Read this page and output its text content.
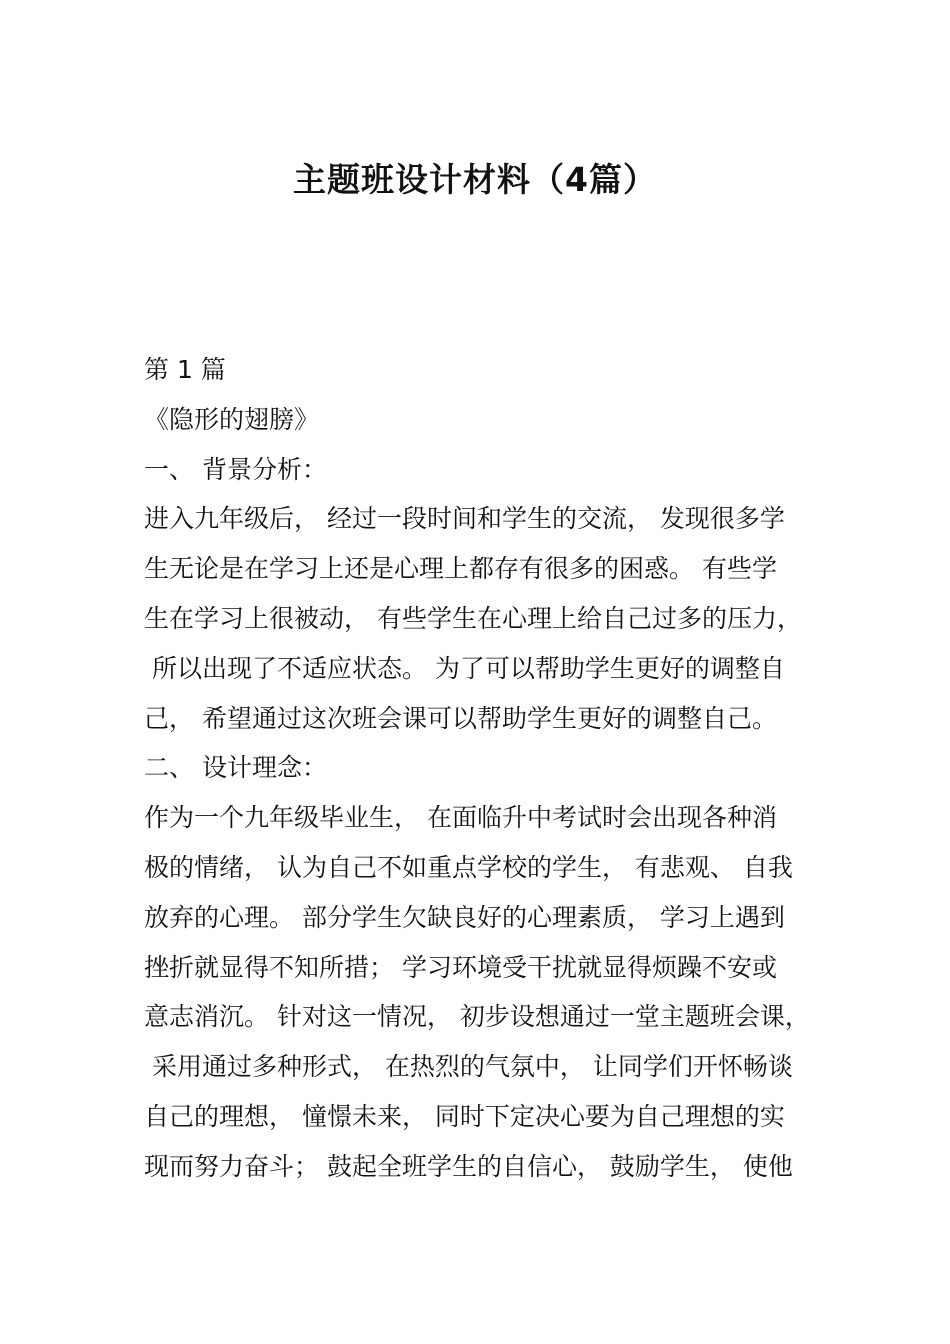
主题班设计材料（4篇）
第 1 篇
《隐形的翅膀》
一、 背景分析：
进入九年级后， 经过一段时间和学生的交流， 发现很多学
生无论是在学习上还是心理上都存有很多的困惑。 有些学
生在学习上很被动， 有些学生在心理上给自己过多的压力，
所以出现了不适应状态。 为了可以帮助学生更好的调整自
己， 希望通过这次班会课可以帮助学生更好的调整自己。
二、 设计理念：
作为一个九年级毕业生， 在面临升中考试时会出现各种消
极的情绪， 认为自己不如重点学校的学生， 有悲观、 自我
放弃的心理。 部分学生欠缺良好的心理素质， 学习上遇到
挫折就显得不知所措； 学习环境受干扰就显得烦躁不安或
意志消沉。 针对这一情况， 初步设想通过一堂主题班会课，
采用通过多种形式， 在热烈的气氛中， 让同学们开怀畅谈
自己的理想， 憧憬未来， 同时下定决心要为自己理想的实
现而努力奋斗； 鼓起全班学生的自信心， 鼓励学生， 使他
